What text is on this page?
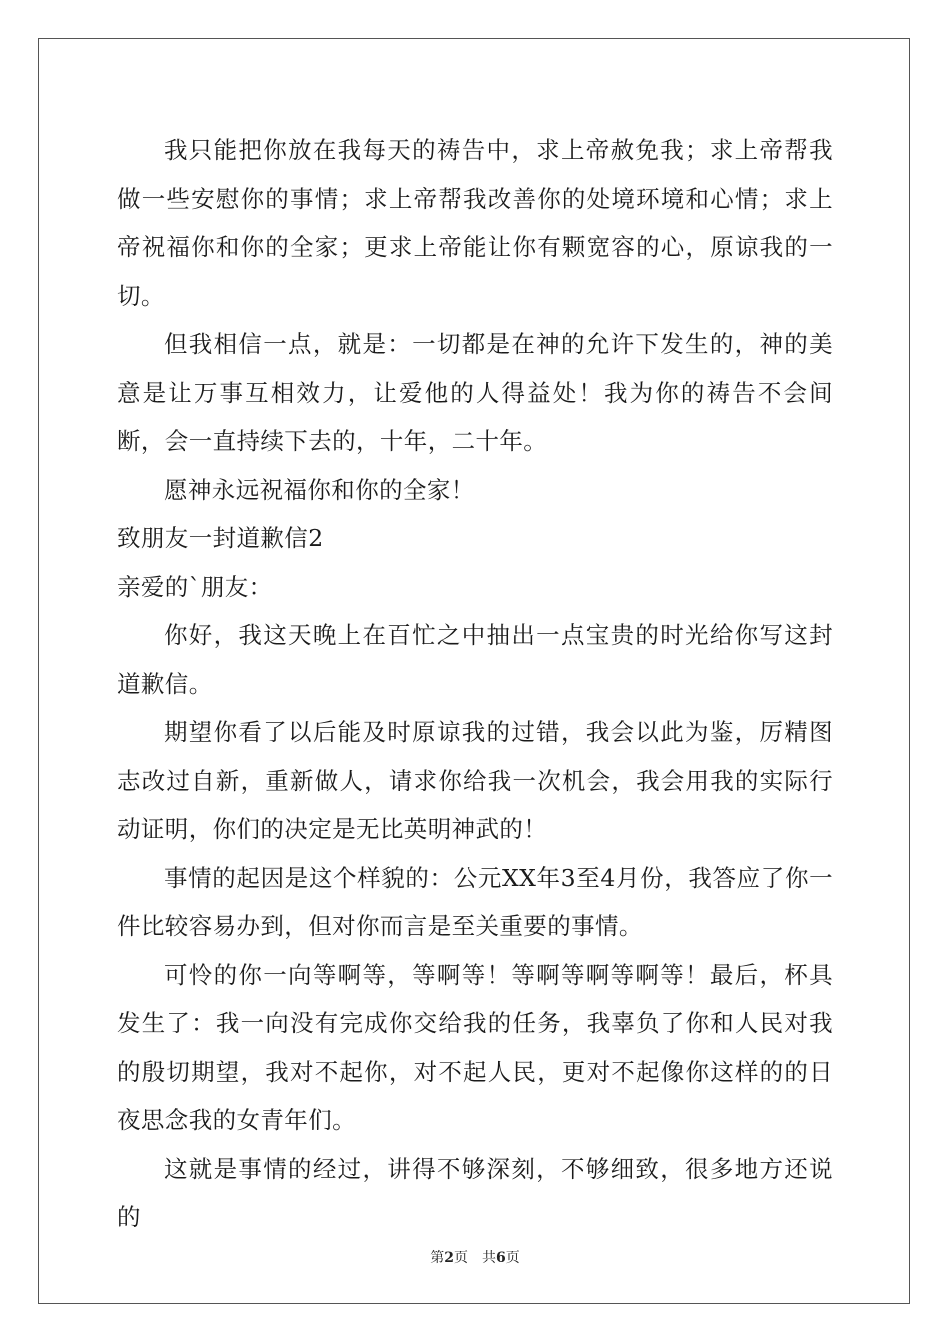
我只能把你放在我每天的祷告中，求上帝赦免我；求上帝帮我做一些安慰你的事情；求上帝帮我改善你的处境环境和心情；求上帝祝福你和你的全家；更求上帝能让你有颗宽容的心，原谅我的一切。

但我相信一点，就是：一切都是在神的允许下发生的，神的美意是让万事互相效力，让爱他的人得益处！我为你的祷告不会间断，会一直持续下去的，十年，二十年。

愿神永远祝福你和你的全家！

致朋友一封道歉信2

亲爱的`朋友：

你好，我这天晚上在百忙之中抽出一点宝贵的时光给你写这封道歉信。

期望你看了以后能及时原谅我的过错，我会以此为鉴，厉精图志改过自新，重新做人，请求你给我一次机会，我会用我的实际行动证明，你们的决定是无比英明神武的！

事情的起因是这个样貌的：公元XX年3至4月份，我答应了你一件比较容易办到，但对你而言是至关重要的事情。

可怜的你一向等啊等，等啊等！等啊等啊等啊等！最后，杯具发生了：我一向没有完成你交给我的任务，我辜负了你和人民对我的殷切期望，我对不起你，对不起人民，更对不起像你这样的的日夜思念我的女青年们。

这就是事情的经过，讲得不够深刻，不够细致，很多地方还说的

第2页　共6页
